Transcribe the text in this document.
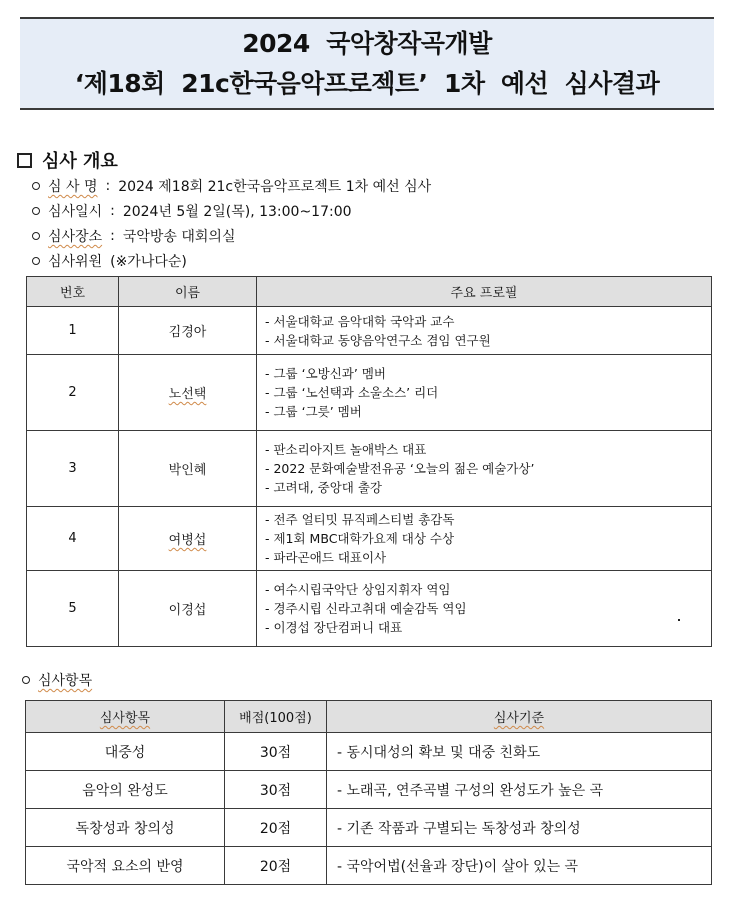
2024  국악창작곡개발
‘제18회  21c한국음악프로젝트’  1차  예선  심사결과
심사 개요
심 사 명 : 2024 제18회 21c한국음악프로젝트 1차 예선 심사
심사일시 : 2024년 5월 2일(목), 13:00~17:00
심사장소 : 국악방송 대회의실
심사위원 (※가나다순)
번호	이름	주요 프로필
1	김경아	- 서울대학교 음악대학 국악과 교수
- 서울대학교 동양음악연구소 겸임 연구원

2	노선택	- 그룹 ‘오방신과’ 멤버
- 그룹 ‘노선택과 소울소스’ 리더
- 그룹 ‘그릇’ 멤버

3	박인혜	- 판소리아지트 놀애박스 대표
- 2022 문화예술발전유공 ‘오늘의 젊은 예술가상’
- 고려대, 중앙대 출강

4	여병섭	- 전주 얼티밋 뮤직페스티벌 총감독
- 제1회 MBC대학가요제 대상 수상
- 파라곤애드 대표이사

5	이경섭	- 여수시립국악단 상임지휘자 역임
- 경주시립 신라고취대 예술감독 역임
- 이경섭 장단컴퍼니 대표
심사항목
심사항목	배점(100점)	심사기준
대중성	30점	- 동시대성의 확보 및 대중 친화도
음악의 완성도	30점	- 노래곡, 연주곡별 구성의 완성도가 높은 곡
독창성과 창의성	20점	- 기존 작품과 구별되는 독창성과 창의성
국악적 요소의 반영	20점	- 국악어법(선율과 장단)이 살아 있는 곡
